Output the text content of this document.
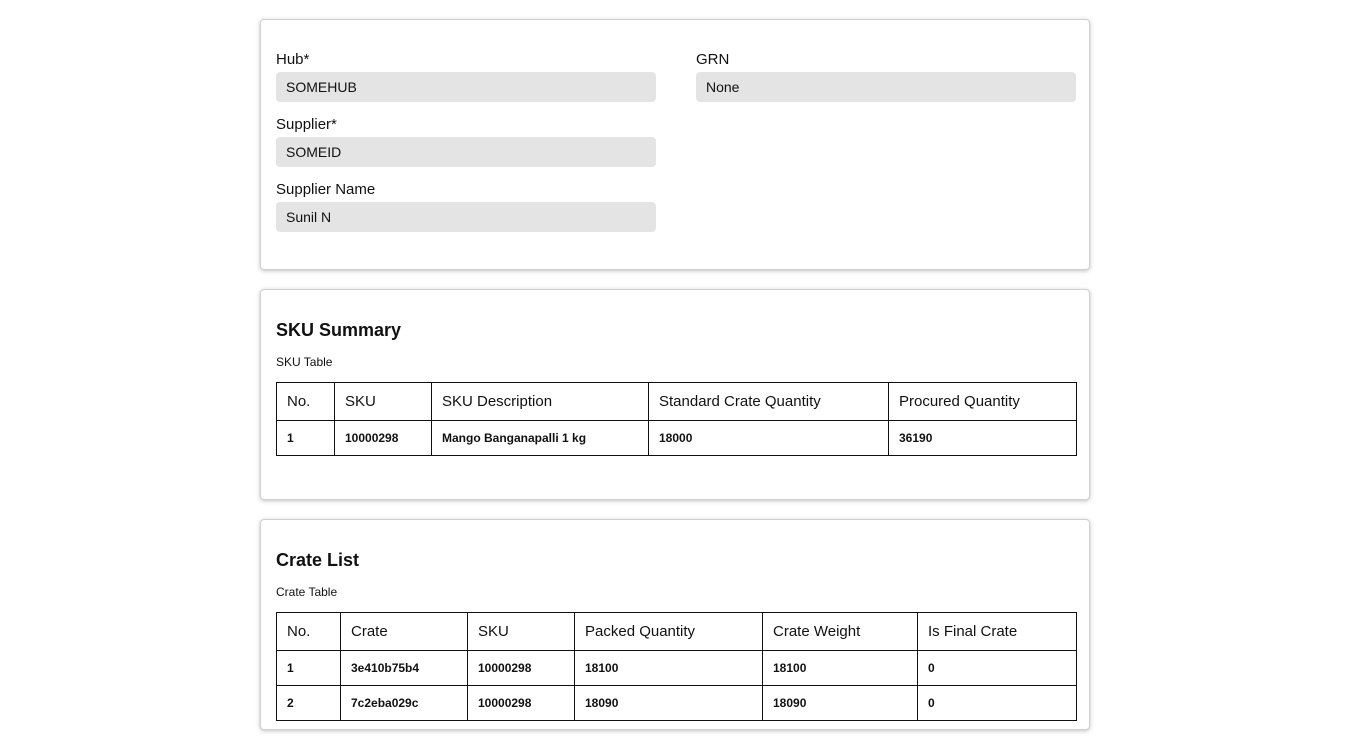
Hub*
SOMEHUB
GRN
None
Supplier*
SOMEID
Supplier Name
Sunil N
SKU Summary
SKU Table
No.	SKU	SKU Description	Standard Crate Quantity	Procured Quantity
1	10000298	Mango Banganapalli 1 kg	18000	36190
Crate List
Crate Table
No.	Crate	SKU	Packed Quantity	Crate Weight	Is Final Crate
1	3e410b75b4	10000298	18100	18100	0
2	7c2eba029c	10000298	18090	18090	0
